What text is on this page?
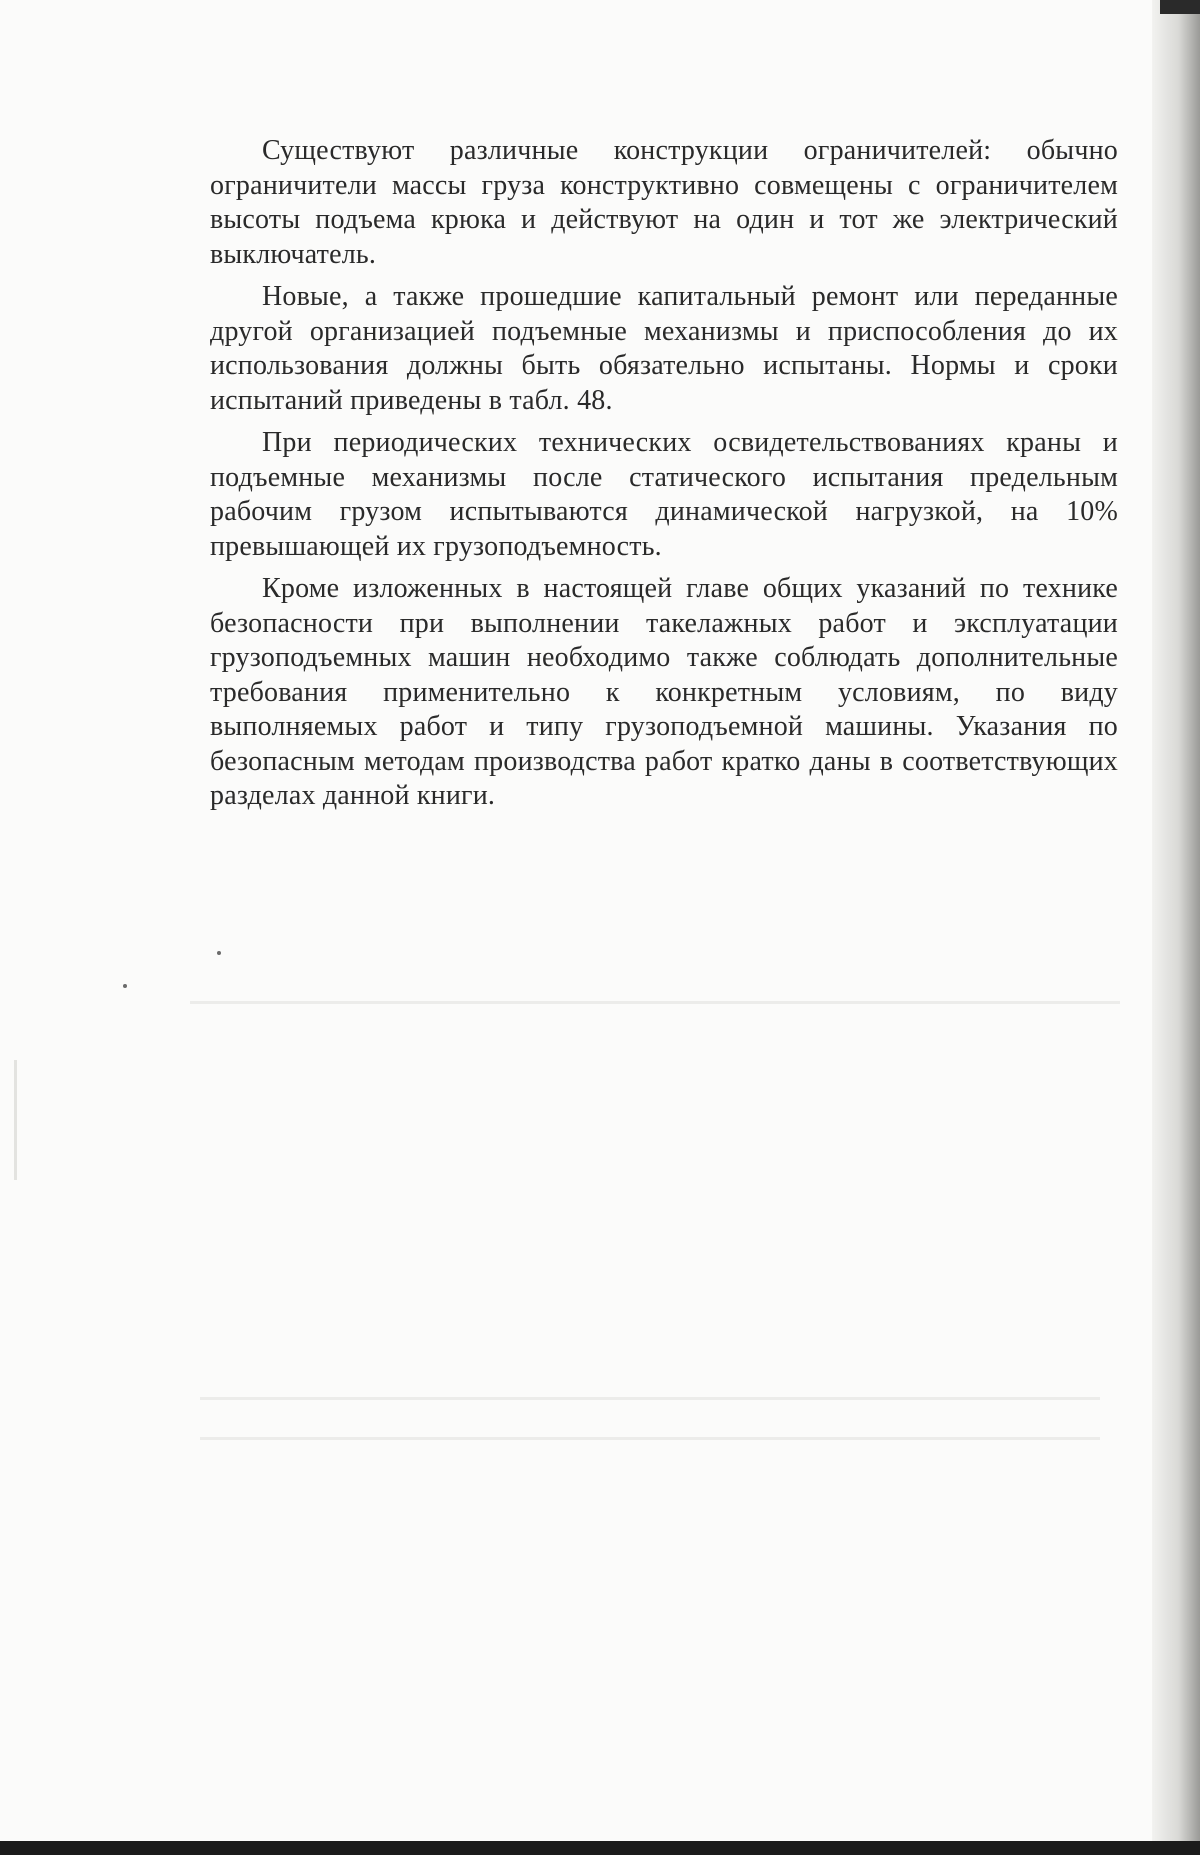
Существуют различные конструкции ограничителей: обычно ограничители массы груза конструктивно совмещены с ограничителем высоты подъема крюка и действуют на один и тот же электрический выключатель.

Новые, а также прошедшие капитальный ремонт или переданные другой организацией подъемные механизмы и приспособления до их использования должны быть обязательно испытаны. Нормы и сроки испытаний приведены в табл. 48.

При периодических технических освидетельствованиях краны и подъемные механизмы после статического испытания предельным рабочим грузом испытываются динамической нагрузкой, на 10% превышающей их грузоподъемность.

Кроме изложенных в настоящей главе общих указаний по технике безопасности при выполнении такелажных работ и эксплуатации грузоподъемных машин необходимо также соблюдать дополнительные требования применительно к конкретным условиям, по виду выполняемых работ и типу грузоподъемной машины. Указания по безопасным методам производства работ кратко даны в соответствующих разделах данной книги.
